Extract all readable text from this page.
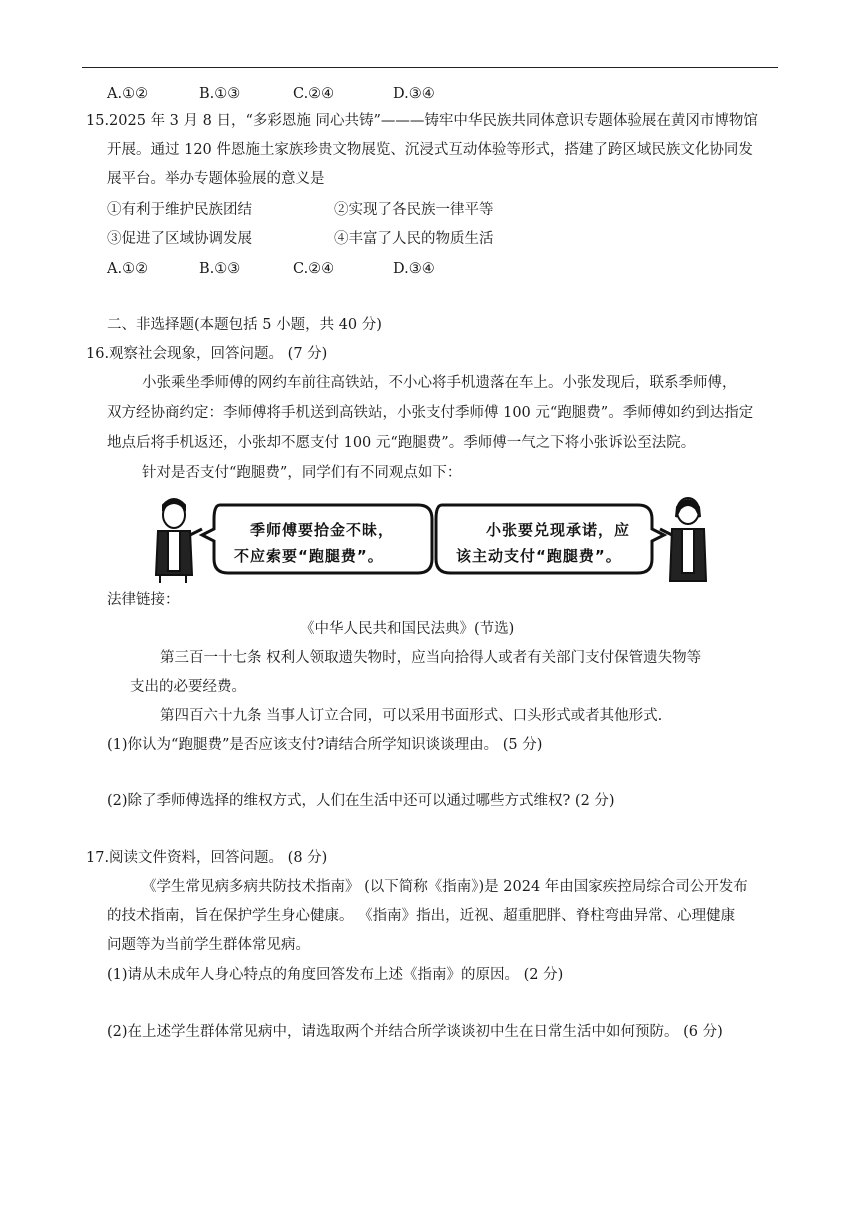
A.①②	B.①③	C.②④	D.③④
15.2025 年 3 月 8 日，“多彩恩施 同心共铸”———铸牢中华民族共同体意识专题体验展在黄冈市博物馆
开展。通过 120 件恩施土家族珍贵文物展览、沉浸式互动体验等形式，搭建了跨区域民族文化协同发
展平台。举办专题体验展的意义是
①有利于维护民族团结	②实现了各民族一律平等
③促进了区域协调发展	④丰富了人民的物质生活
A.①②	B.①③	C.②④	D.③④
二、非选择题(本题包括 5 小题，共 40 分)
16.观察社会现象，回答问题。 (7 分)
小张乘坐季师傅的网约车前往高铁站，不小心将手机遗落在车上。小张发现后，联系季师傅，
双方经协商约定：李师傅将手机送到高铁站，小张支付季师傅 100 元“跑腿费”。季师傅如约到达指定
地点后将手机返还，小张却不愿支付 100 元“跑腿费”。季师傅一气之下将小张诉讼至法院。
针对是否支付“跑腿费”，同学们有不同观点如下：
季师傅要拾金不昧，
不应索要“跑腿费”。
小张要兑现承诺，应
该主动支付“跑腿费”。
法律链接：
《中华人民共和国民法典》(节选)
第三百一十七条 权利人领取遗失物时，应当向拾得人或者有关部门支付保管遗失物等
支出的必要经费。
第四百六十九条 当事人订立合同，可以采用书面形式、口头形式或者其他形式.
(1)你认为“跑腿费”是否应该支付?请结合所学知识谈谈理由。 (5 分)
(2)除了季师傅选择的维权方式，人们在生活中还可以通过哪些方式维权? (2 分)
17.阅读文件资料，回答问题。 (8 分)
《学生常见病多病共防技术指南》 (以下简称《指南》)是 2024 年由国家疾控局综合司公开发布
的技术指南，旨在保护学生身心健康。 《指南》指出，近视、超重肥胖、脊柱弯曲异常、心理健康
问题等为当前学生群体常见病。
(1)请从未成年人身心特点的角度回答发布上述《指南》的原因。 (2 分)
(2)在上述学生群体常见病中，请选取两个并结合所学谈谈初中生在日常生活中如何预防。 (6 分)
